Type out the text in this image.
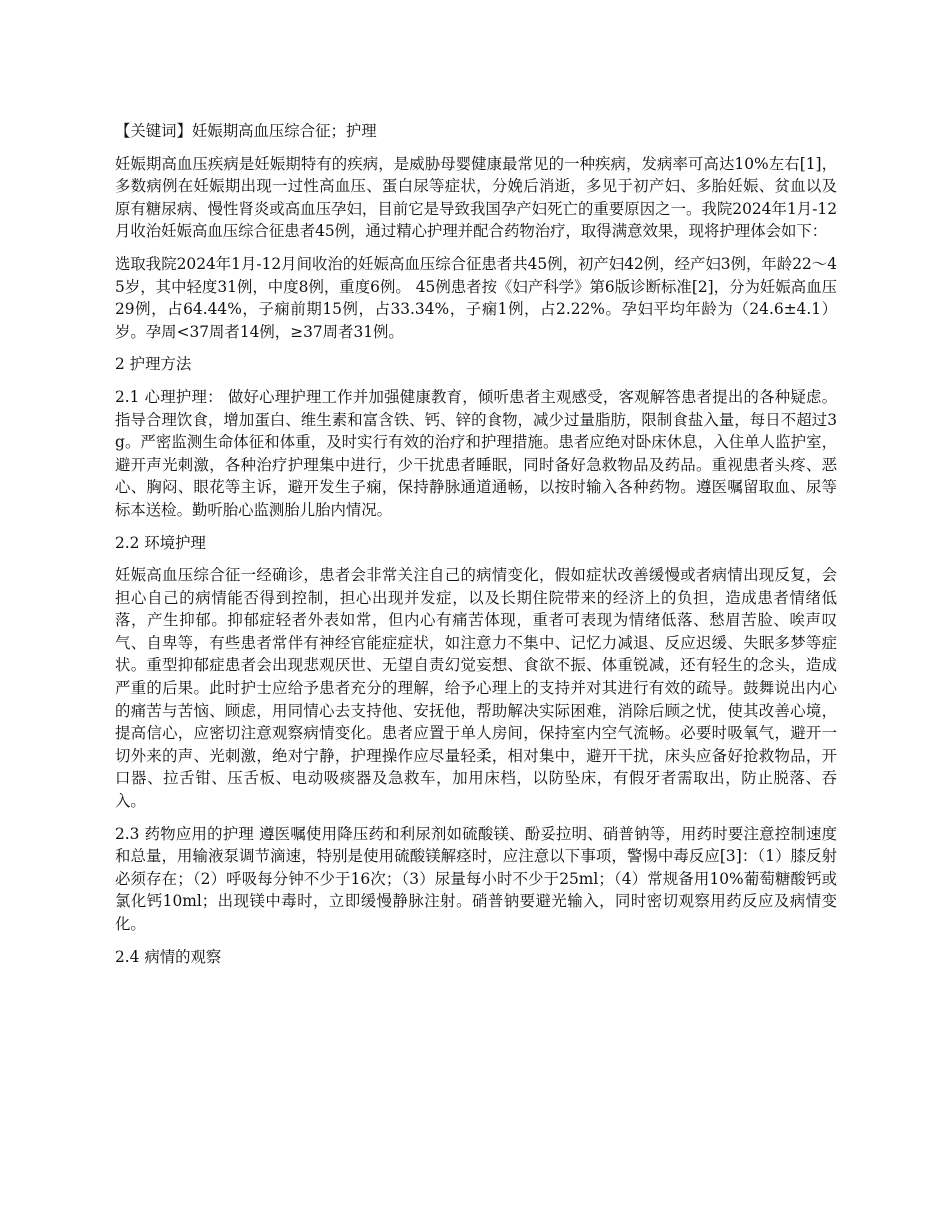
【关键词】妊娠期高血压综合征；护理

妊娠期高血压疾病是妊娠期特有的疾病，是威胁母婴健康最常见的一种疾病，发病率可高达10%左右[1]，多数病例在妊娠期出现一过性高血压、蛋白尿等症状，分娩后消逝，多见于初产妇、多胎妊娠、贫血以及原有糖尿病、慢性肾炎或高血压孕妇，目前它是导致我国孕产妇死亡的重要原因之一。我院2024年1月-12月收治妊娠高血压综合征患者45例，通过精心护理并配合药物治疗，取得满意效果，现将护理体会如下：

选取我院2024年1月-12月间收治的妊娠高血压综合征患者共45例，初产妇42例，经产妇3例，年龄22～45岁，其中轻度31例，中度8例，重度6例。 45例患者按《妇产科学》第6版诊断标准[2]，分为妊娠高血压29例，占64.44%，子痫前期15例，占33.34%，子痫1例，占2.22%。孕妇平均年龄为（24.6±4.1）岁。孕周<37周者14例，≥37周者31例。

2 护理方法

2.1 心理护理： 做好心理护理工作并加强健康教育，倾听患者主观感受，客观解答患者提出的各种疑虑。指导合理饮食，增加蛋白、维生素和富含铁、钙、锌的食物，减少过量脂肪，限制食盐入量，每日不超过3g。严密监测生命体征和体重，及时实行有效的治疗和护理措施。患者应绝对卧床休息，入住单人监护室，避开声光刺激，各种治疗护理集中进行，少干扰患者睡眠，同时备好急救物品及药品。重视患者头疼、恶心、胸闷、眼花等主诉，避开发生子痫，保持静脉通道通畅，以按时输入各种药物。遵医嘱留取血、尿等标本送检。勤听胎心监测胎儿胎内情况。

2.2 环境护理

妊娠高血压综合征一经确诊，患者会非常关注自己的病情变化，假如症状改善缓慢或者病情出现反复，会担心自己的病情能否得到控制，担心出现并发症，以及长期住院带来的经济上的负担，造成患者情绪低落，产生抑郁。抑郁症轻者外表如常，但内心有痛苦体现，重者可表现为情绪低落、愁眉苦脸、唉声叹气、自卑等，有些患者常伴有神经官能症症状，如注意力不集中、记忆力减退、反应迟缓、失眠多梦等症状。重型抑郁症患者会出现悲观厌世、无望自责幻觉妄想、食欲不振、体重锐减，还有轻生的念头，造成严重的后果。此时护士应给予患者充分的理解，给予心理上的支持并对其进行有效的疏导。鼓舞说出内心的痛苦与苦恼、顾虑，用同情心去支持他、安抚他，帮助解决实际困难，消除后顾之忧，使其改善心境，提高信心，应密切注意观察病情变化。患者应置于单人房间，保持室内空气流畅。必要时吸氧气，避开一切外来的声、光刺激，绝对宁静，护理操作应尽量轻柔，相对集中，避开干扰，床头应备好抢救物品，开口器、拉舌钳、压舌板、电动吸痰器及急救车，加用床档，以防坠床，有假牙者需取出，防止脱落、吞入。

2.3 药物应用的护理 遵医嘱使用降压药和利尿剂如硫酸镁、酚妥拉明、硝普钠等，用药时要注意控制速度和总量，用输液泵调节滴速，特别是使用硫酸镁解痉时，应注意以下事项，警惕中毒反应[3]：（1）膝反射必须存在；（2）呼吸每分钟不少于16次；（3）尿量每小时不少于25ml；（4）常规备用10%葡萄糖酸钙或氯化钙10ml；出现镁中毒时，立即缓慢静脉注射。硝普钠要避光输入，同时密切观察用药反应及病情变化。

2.4 病情的观察
